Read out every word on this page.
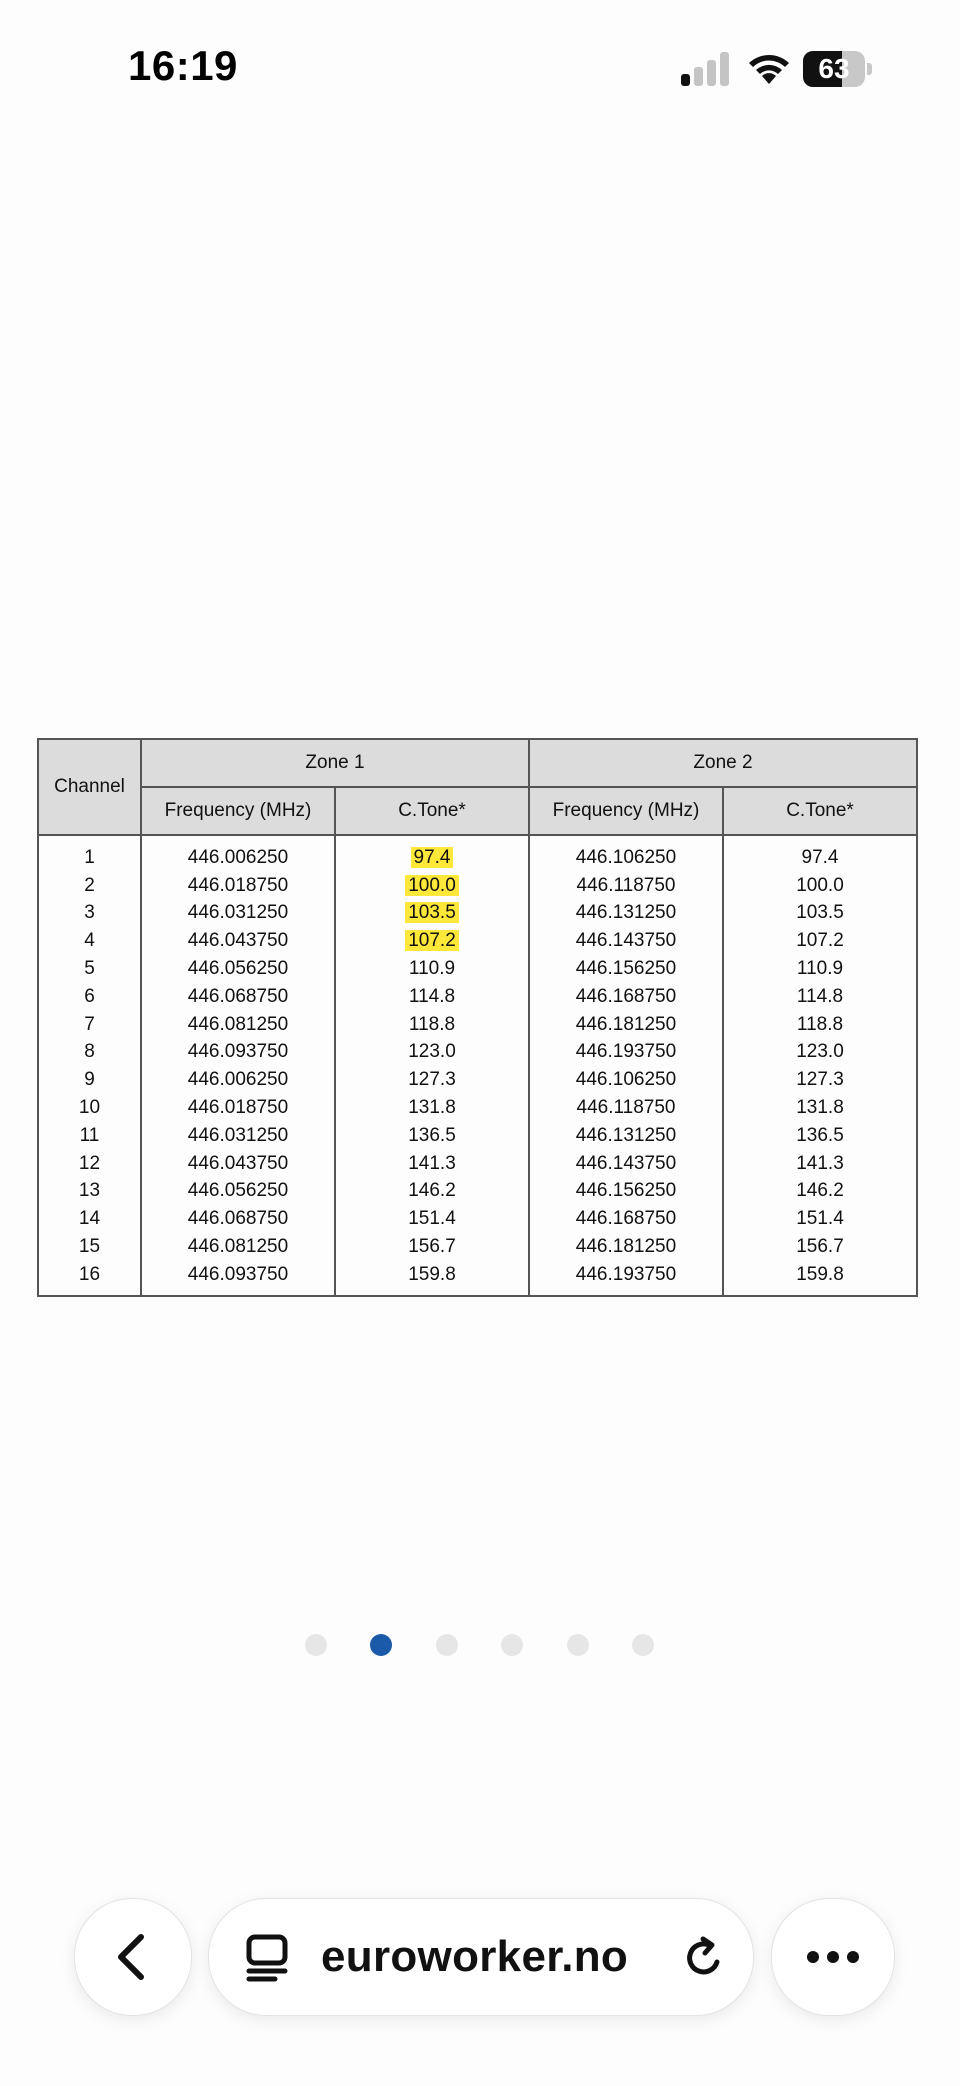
16:19	63
Channel	Zone 1		Zone 2	
	Frequency (MHz)	C.Tone*	Frequency (MHz)	C.Tone*
1	446.006250	97.4	446.106250	97.4
2	446.018750	100.0	446.118750	100.0
3	446.031250	103.5	446.131250	103.5
4	446.043750	107.2	446.143750	107.2
5	446.056250	110.9	446.156250	110.9
6	446.068750	114.8	446.168750	114.8
7	446.081250	118.8	446.181250	118.8
8	446.093750	123.0	446.193750	123.0
9	446.006250	127.3	446.106250	127.3
10	446.018750	131.8	446.118750	131.8
11	446.031250	136.5	446.131250	136.5
12	446.043750	141.3	446.143750	141.3
13	446.056250	146.2	446.156250	146.2
14	446.068750	151.4	446.168750	151.4
15	446.081250	156.7	446.181250	156.7
16	446.093750	159.8	446.193750	159.8
euroworker.no
